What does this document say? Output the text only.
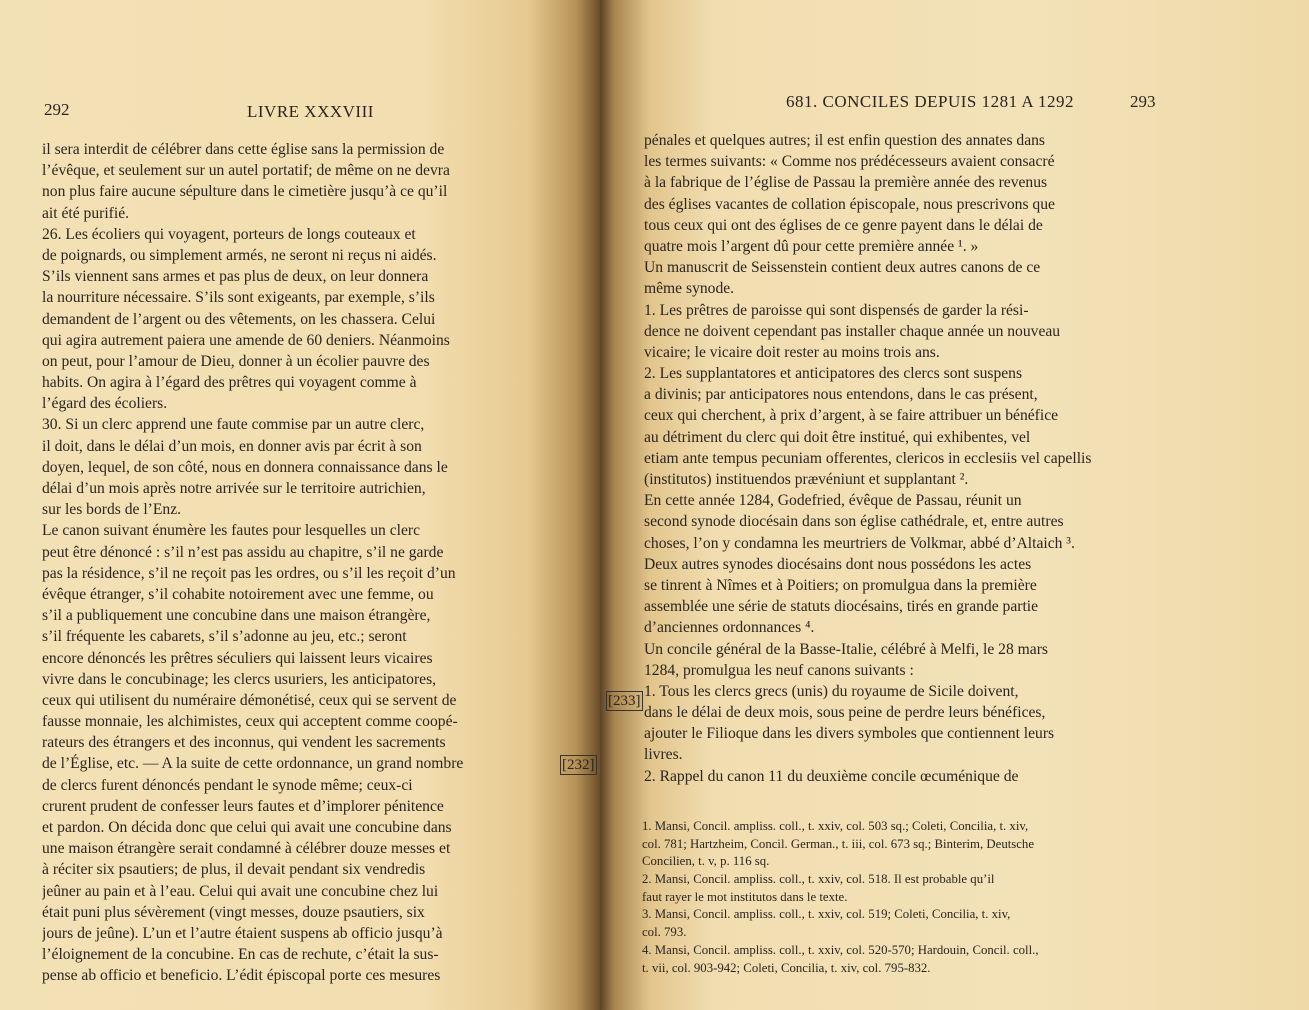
292	LIVRE XXXVIII
il sera interdit de célébrer dans cette église sans la permission de
l’évêque, et seulement sur un autel portatif; de même on ne devra
non plus faire aucune sépulture dans le cimetière jusqu’à ce qu’il
ait été purifié.
26. Les écoliers qui voyagent, porteurs de longs couteaux et
de poignards, ou simplement armés, ne seront ni reçus ni aidés.
S’ils viennent sans armes et pas plus de deux, on leur donnera
la nourriture nécessaire. S’ils sont exigeants, par exemple, s’ils
demandent de l’argent ou des vêtements, on les chassera. Celui
qui agira autrement paiera une amende de 60 deniers. Néanmoins
on peut, pour l’amour de Dieu, donner à un écolier pauvre des
habits. On agira à l’égard des prêtres qui voyagent comme à
l’égard des écoliers.
30. Si un clerc apprend une faute commise par un autre clerc,
il doit, dans le délai d’un mois, en donner avis par écrit à son
doyen, lequel, de son côté, nous en donnera connaissance dans le
délai d’un mois après notre arrivée sur le territoire autrichien,
sur les bords de l’Enz.
Le canon suivant énumère les fautes pour lesquelles un clerc
peut être dénoncé : s’il n’est pas assidu au chapitre, s’il ne garde
pas la résidence, s’il ne reçoit pas les ordres, ou s’il les reçoit d’un
évêque étranger, s’il cohabite notoirement avec une femme, ou
s’il a publiquement une concubine dans une maison étrangère,
s’il fréquente les cabarets, s’il s’adonne au jeu, etc.; seront
encore dénoncés les prêtres séculiers qui laissent leurs vicaires
vivre dans le concubinage; les clercs usuriers, les anticipatores,
ceux qui utilisent du numéraire démonétisé, ceux qui se servent de
fausse monnaie, les alchimistes, ceux qui acceptent comme coopé-
rateurs des étrangers et des inconnus, qui vendent les sacrements
de l’Église, etc. — A la suite de cette ordonnance, un grand nombre
de clercs furent dénoncés pendant le synode même; ceux-ci
crurent prudent de confesser leurs fautes et d’implorer pénitence
et pardon. On décida donc que celui qui avait une concubine dans
une maison étrangère serait condamné à célébrer douze messes et
à réciter six psautiers; de plus, il devait pendant six vendredis
jeûner au pain et à l’eau. Celui qui avait une concubine chez lui
était puni plus sévèrement (vingt messes, douze psautiers, six
jours de jeûne). L’un et l’autre étaient suspens ab officio jusqu’à
l’éloignement de la concubine. En cas de rechute, c’était la sus-
pense ab officio et beneficio. L’édit épiscopal porte ces mesures
[232]
681. CONCILES DEPUIS 1281 A 1292	293
pénales et quelques autres; il est enfin question des annates dans
les termes suivants: « Comme nos prédécesseurs avaient consacré
à la fabrique de l’église de Passau la première année des revenus
des églises vacantes de collation épiscopale, nous prescrivons que
tous ceux qui ont des églises de ce genre payent dans le délai de
quatre mois l’argent dû pour cette première année ¹. »
Un manuscrit de Seissenstein contient deux autres canons de ce
même synode.
1. Les prêtres de paroisse qui sont dispensés de garder la rési-
dence ne doivent cependant pas installer chaque année un nouveau
vicaire; le vicaire doit rester au moins trois ans.
2. Les supplantatores et anticipatores des clercs sont suspens
a divinis; par anticipatores nous entendons, dans le cas présent,
ceux qui cherchent, à prix d’argent, à se faire attribuer un bénéfice
au détriment du clerc qui doit être institué, qui exhibentes, vel
etiam ante tempus pecuniam offerentes, clericos in ecclesiis vel capellis
(institutos) instituendos prævéniunt et supplantant ².
En cette année 1284, Godefried, évêque de Passau, réunit un
second synode diocésain dans son église cathédrale, et, entre autres
choses, l’on y condamna les meurtriers de Volkmar, abbé d’Altaich ³.
Deux autres synodes diocésains dont nous possédons les actes
se tinrent à Nîmes et à Poitiers; on promulgua dans la première
assemblée une série de statuts diocésains, tirés en grande partie
d’anciennes ordonnances ⁴.
Un concile général de la Basse-Italie, célébré à Melfi, le 28 mars
1284, promulgua les neuf canons suivants :
1. Tous les clercs grecs (unis) du royaume de Sicile doivent,
dans le délai de deux mois, sous peine de perdre leurs bénéfices,
ajouter le Filioque dans les divers symboles que contiennent leurs
livres.
2. Rappel du canon 11 du deuxième concile œcuménique de
[233]
1. Mansi, Concil. ampliss. coll., t. xxiv, col. 503 sq.; Coleti, Concilia, t. xiv,
col. 781; Hartzheim, Concil. German., t. iii, col. 673 sq.; Binterim, Deutsche
Concilien, t. v, p. 116 sq.
2. Mansi, Concil. ampliss. coll., t. xxiv, col. 518. Il est probable qu’il
faut rayer le mot institutos dans le texte.
3. Mansi, Concil. ampliss. coll., t. xxiv, col. 519; Coleti, Concilia, t. xiv,
col. 793.
4. Mansi, Concil. ampliss. coll., t. xxiv, col. 520-570; Hardouin, Concil. coll.,
t. vii, col. 903-942; Coleti, Concilia, t. xiv, col. 795-832.
